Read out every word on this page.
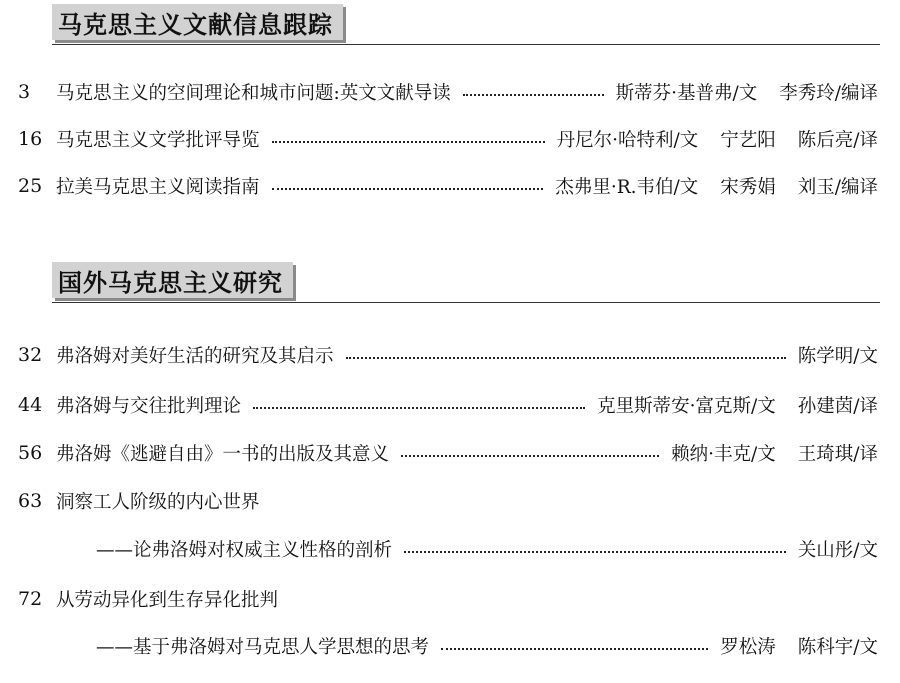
马克思主义文献信息跟踪
3 马克思主义的空间理论和城市问题:英文文献导读	斯蒂芬·基普弗/文 李秀玲/编译
16 马克思主义文学批评导览	丹尼尔·哈特利/文 宁艺阳 陈后亮/译
25 拉美马克思主义阅读指南	杰弗里·R.韦伯/文 宋秀娟 刘玉/编译
国外马克思主义研究
32 弗洛姆对美好生活的研究及其启示	陈学明/文
44 弗洛姆与交往批判理论	克里斯蒂安·富克斯/文 孙建茵/译
56 弗洛姆《逃避自由》一书的出版及其意义	赖纳·丰克/文 王琦琪/译
63 洞察工人阶级的内心世界
——论弗洛姆对权威主义性格的剖析	关山彤/文
72 从劳动异化到生存异化批判
——基于弗洛姆对马克思人学思想的思考	罗松涛 陈科宇/文
